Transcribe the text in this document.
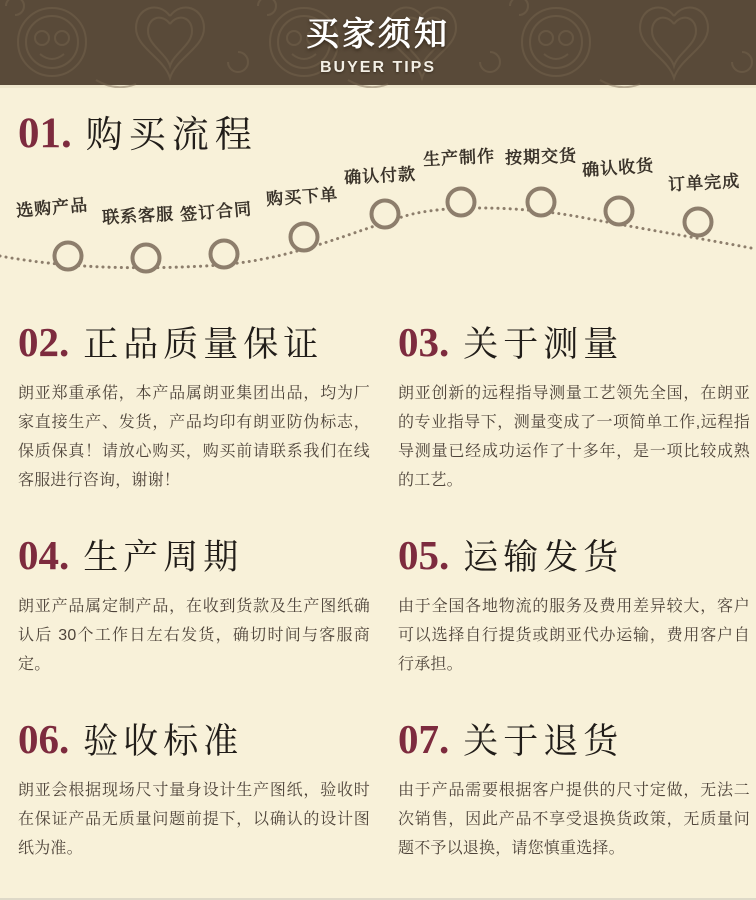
买家须知
BUYER TIPS
01. 购买流程
选购产品 联系客服 签订合同
购买下单
确认付款
生产制作 按期交货 确认收货
订单完成
02. 正品质量保证

朗亚郑重承偌，本产品属朗亚集团出品，均为厂家直接生产、发货，产品均印有朗亚防伪标志，保质保真！请放心购买，购买前请联系我们在线客服进行咨询，谢谢！

03. 关于测量

朗亚创新的远程指导测量工艺领先全国，在朗亚的专业指导下，测量变成了一项简单工作,远程指导测量已经成功运作了十多年，是一项比较成熟的工艺。

04. 生产周期

朗亚产品属定制产品，在收到货款及生产图纸确认后 30个工作日左右发货，确切时间与客服商定。

05. 运输发货

由于全国各地物流的服务及费用差异较大，客户可以选择自行提货或朗亚代办运输，费用客户自行承担。

06. 验收标准

朗亚会根据现场尺寸量身设计生产图纸，验收时在保证产品无质量问题前提下，以确认的设计图纸为准。

07. 关于退货

由于产品需要根据客户提供的尺寸定做，无法二次销售，因此产品不享受退换货政策，无质量问题不予以退换，请您慎重选择。
